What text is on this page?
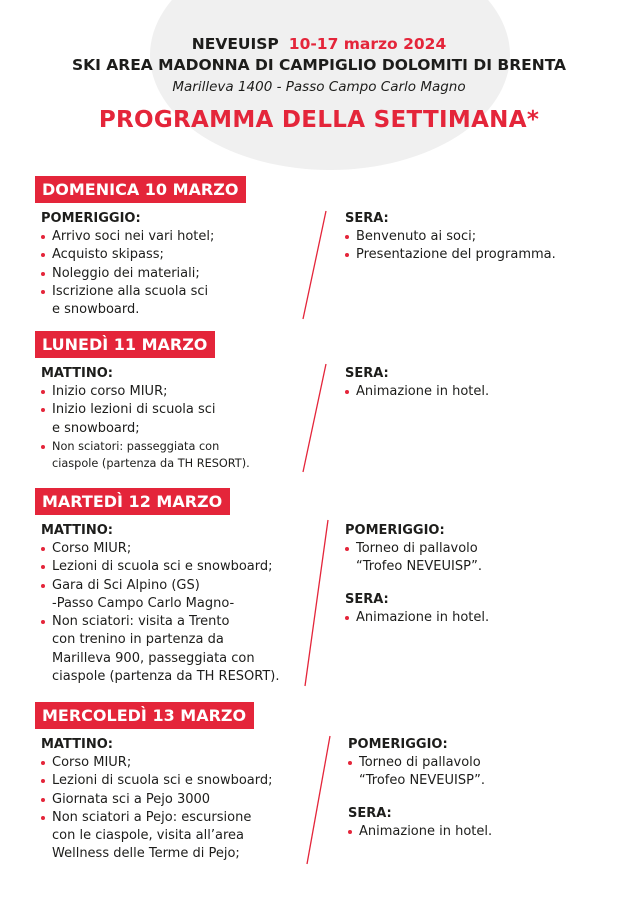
NEVEUISP 10-17 marzo 2024
SKI AREA MADONNA DI CAMPIGLIO DOLOMITI DI BRENTA
Marilleva 1400 - Passo Campo Carlo Magno
PROGRAMMA DELLA SETTIMANA*
DOMENICA 10 MARZO
POMERIGGIO:
Arrivo soci nei vari hotel;
Acquisto skipass;
Noleggio dei materiali;
Iscrizione alla scuola sci
e snowboard.
SERA:
Benvenuto ai soci;
Presentazione del programma.
LUNEDÌ 11 MARZO
MATTINO:
Inizio corso MIUR;
Inizio lezioni di scuola sci
e snowboard;
Non sciatori: passeggiata con
ciaspole (partenza da TH RESORT).
SERA:
Animazione in hotel.
MARTEDÌ 12 MARZO
MATTINO:
Corso MIUR;
Lezioni di scuola sci e snowboard;
Gara di Sci Alpino (GS)
-Passo Campo Carlo Magno-
Non sciatori: visita a Trento
con trenino in partenza da
Marilleva 900, passeggiata con
ciaspole (partenza da TH RESORT).
POMERIGGIO:
Torneo di pallavolo
“Trofeo NEVEUISP”.
SERA:
Animazione in hotel.
MERCOLEDÌ 13 MARZO
MATTINO:
Corso MIUR;
Lezioni di scuola sci e snowboard;
Giornata sci a Pejo 3000
Non sciatori a Pejo: escursione
con le ciaspole, visita all’area
Wellness delle Terme di Pejo;
POMERIGGIO:
Torneo di pallavolo
“Trofeo NEVEUISP”.
SERA:
Animazione in hotel.
